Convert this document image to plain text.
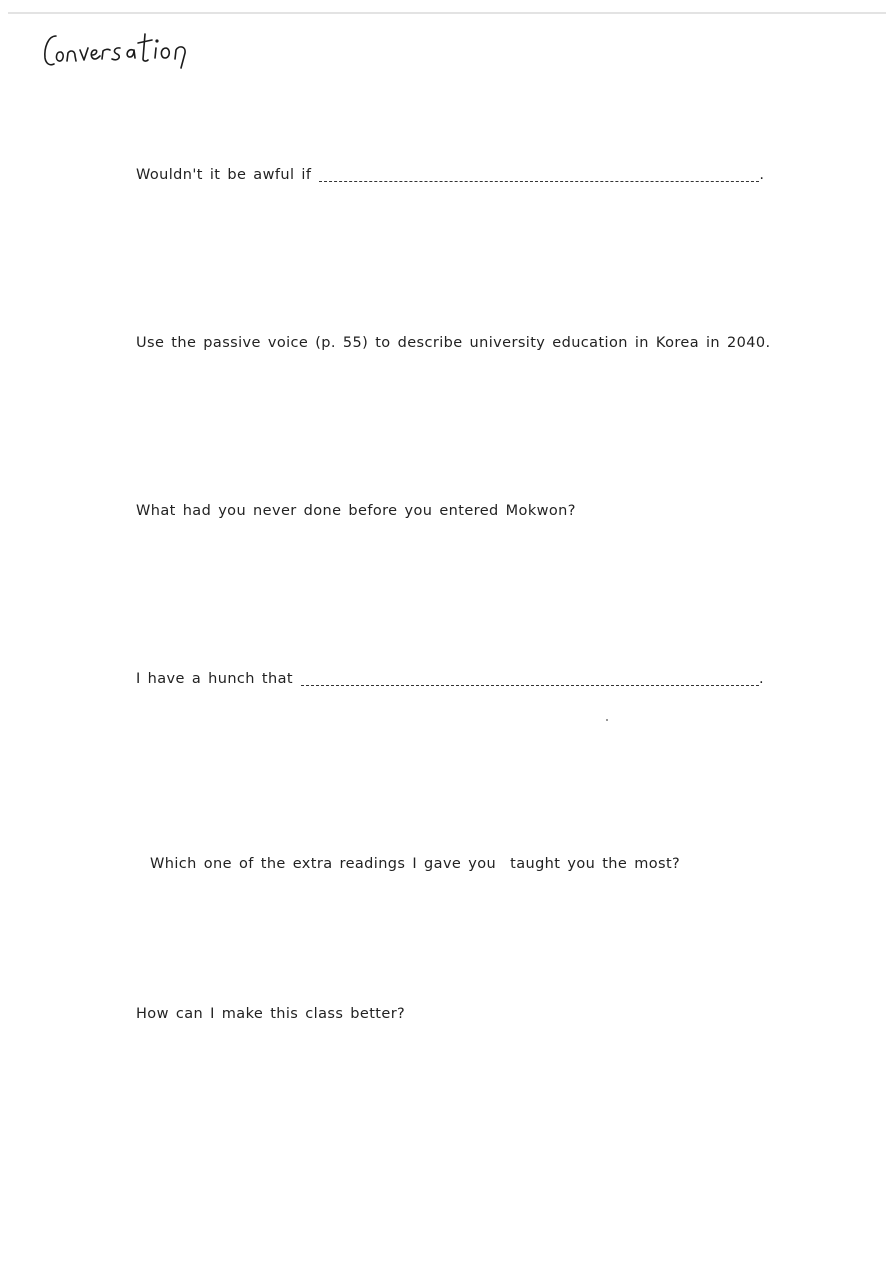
Wouldn't it be awful if	.
Use the passive voice (p. 55) to describe university education in Korea in 2040.
What had you never done before you entered Mokwon?
I have a hunch that	.

Which one of the extra readings I gave you  taught you the most?

How can I make this class better?
